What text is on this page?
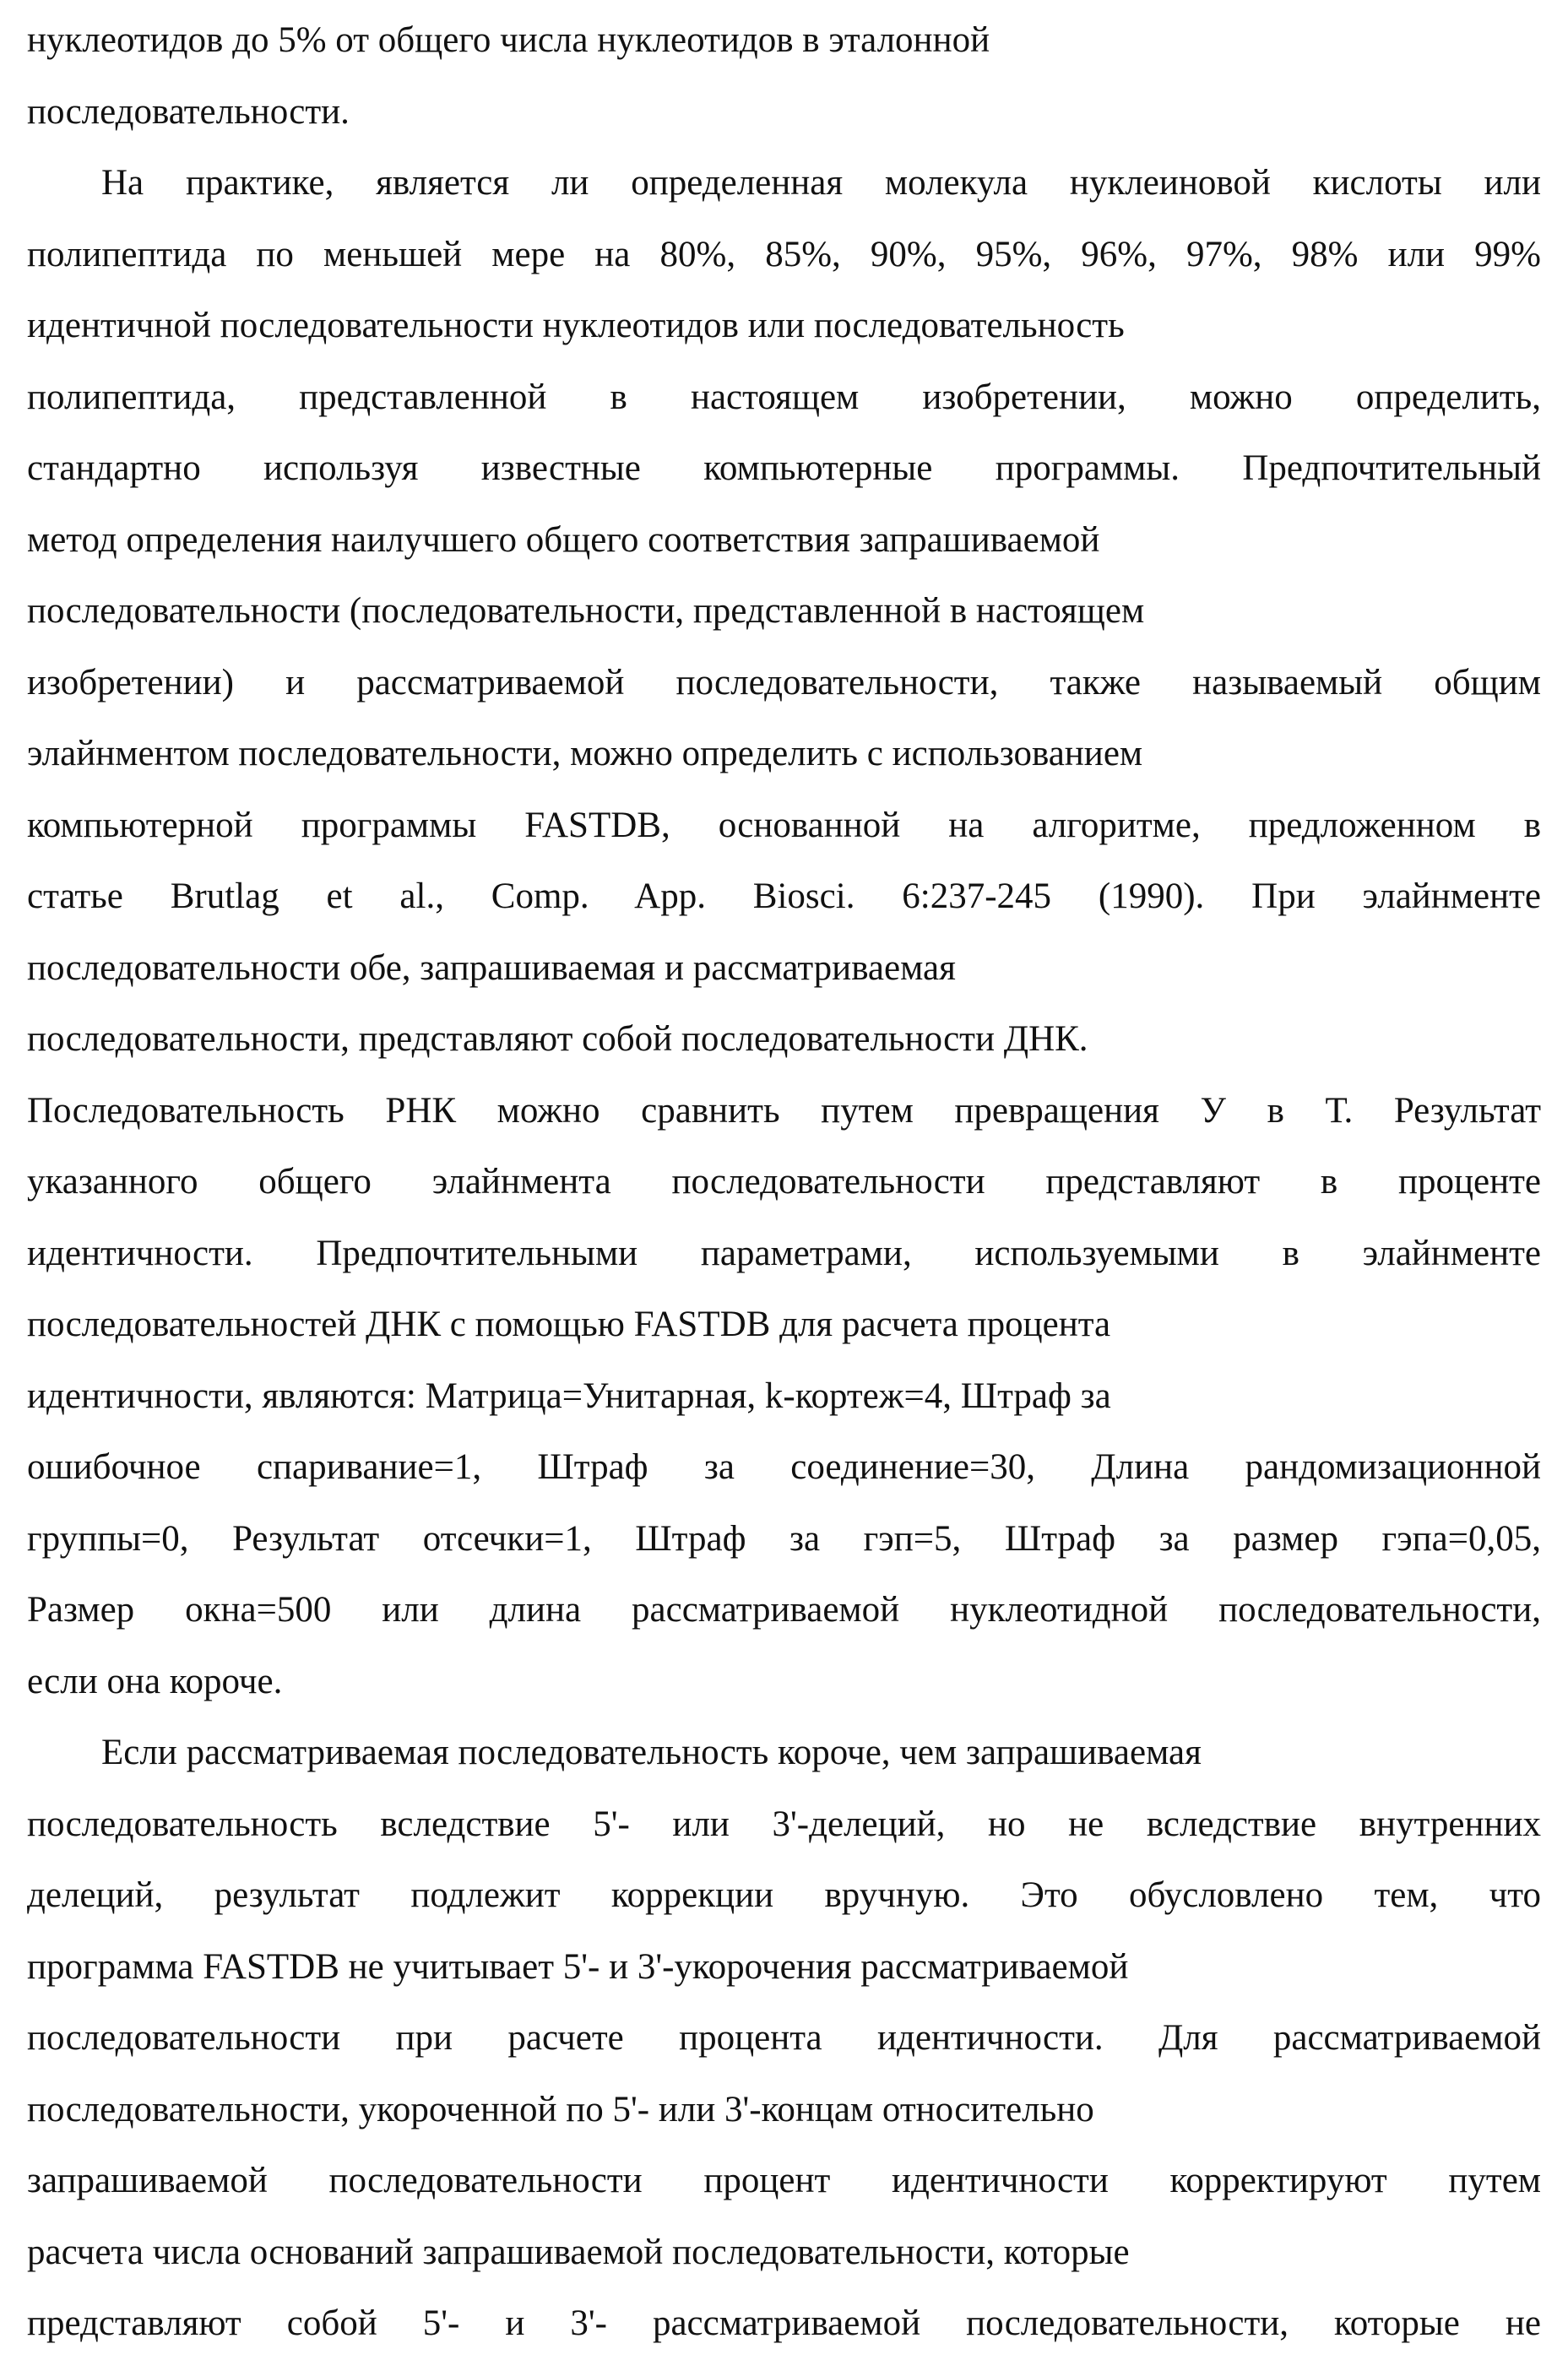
нуклеотидов до 5% от общего числа нуклеотидов в эталонной
последовательности.
На практике, является ли определенная молекула нуклеиновой кислоты или
полипептида по меньшей мере на 80%, 85%, 90%, 95%, 96%, 97%, 98% или 99%
идентичной последовательности нуклеотидов или последовательность
полипептида, представленной в настоящем изобретении, можно определить,
стандартно используя известные компьютерные программы. Предпочтительный
метод определения наилучшего общего соответствия запрашиваемой
последовательности (последовательности, представленной в настоящем
изобретении) и рассматриваемой последовательности, также называемый общим
элайнментом последовательности, можно определить с использованием
компьютерной программы FASTDB, основанной на алгоритме, предложенном в
статье Brutlag et al., Comp. App. Biosci. 6:237-245 (1990). При элайнменте
последовательности обе, запрашиваемая и рассматриваемая
последовательности, представляют собой последовательности ДНК.
Последовательность РНК можно сравнить путем превращения У в Т. Результат
указанного общего элайнмента последовательности представляют в проценте
идентичности. Предпочтительными параметрами, используемыми в элайнменте
последовательностей ДНК с помощью FASTDB для расчета процента
идентичности, являются: Матрица=Унитарная, k-кортеж=4, Штраф за
ошибочное спаривание=1, Штраф за соединение=30, Длина рандомизационной
группы=0, Результат отсечки=1, Штраф за гэп=5, Штраф за размер гэпа=0,05,
Размер окна=500 или длина рассматриваемой нуклеотидной последовательности,
если она короче.
Если рассматриваемая последовательность короче, чем запрашиваемая
последовательность вследствие 5'- или 3'-делеций, но не вследствие внутренних
делеций, результат подлежит коррекции вручную. Это обусловлено тем, что
программа FASTDB не учитывает 5'- и 3'-укорочения рассматриваемой
последовательности при расчете процента идентичности. Для рассматриваемой
последовательности, укороченной по 5'- или 3'-концам относительно
запрашиваемой последовательности процент идентичности корректируют путем
расчета числа оснований запрашиваемой последовательности, которые
представляют собой 5'- и 3'- рассматриваемой последовательности, которые не
